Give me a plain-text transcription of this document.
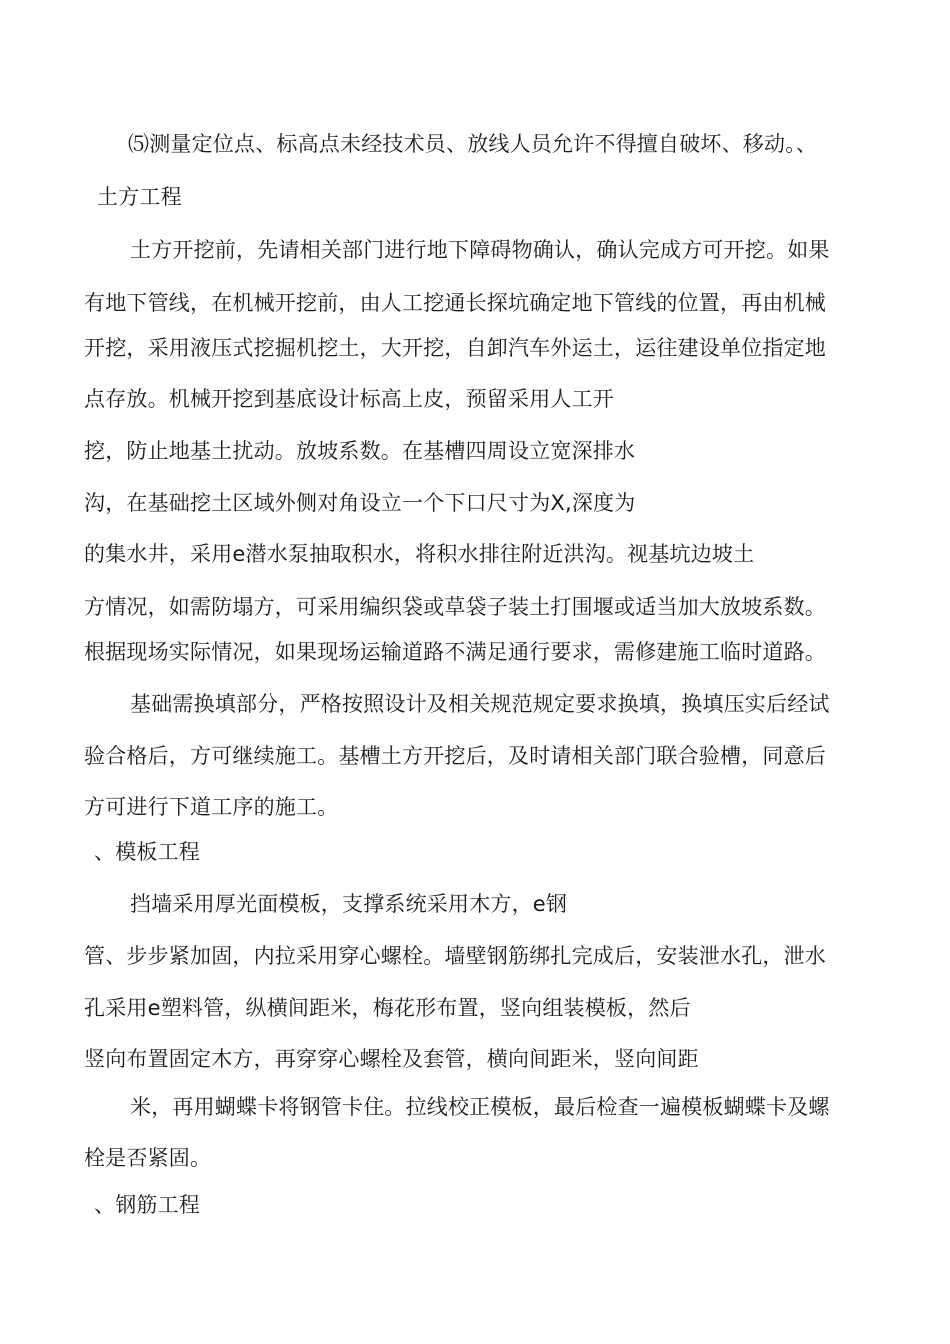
⑸测量定位点、标高点未经技术员、放线人员允许不得擅自破坏、移动。、
土方工程
土方开挖前，先请相关部门进行地下障碍物确认，确认完成方可开挖。如果
有地下管线，在机械开挖前，由人工挖通长探坑确定地下管线的位置，再由机械
开挖，采用液压式挖掘机挖土，大开挖，自卸汽车外运土，运往建设单位指定地
点存放。机械开挖到基底设计标高上皮，预留采用人工开
挖，防止地基土扰动。放坡系数。在基槽四周设立宽深排水
沟，在基础挖土区域外侧对角设立一个下口尺寸为X,深度为
的集水井，采用e潜水泵抽取积水，将积水排往附近洪沟。视基坑边坡土
方情况，如需防塌方，可采用编织袋或草袋子装土打围堰或适当加大放坡系数。
根据现场实际情况，如果现场运输道路不满足通行要求，需修建施工临时道路。
基础需换填部分，严格按照设计及相关规范规定要求换填，换填压实后经试
验合格后，方可继续施工。基槽土方开挖后，及时请相关部门联合验槽，同意后
方可进行下道工序的施工。
、模板工程
挡墙采用厚光面模板，支撑系统采用木方，e钢
管、步步紧加固，内拉采用穿心螺栓。墙壁钢筋绑扎完成后，安装泄水孔，泄水
孔采用e塑料管，纵横间距米，梅花形布置，竖向组装模板，然后
竖向布置固定木方，再穿穿心螺栓及套管，横向间距米，竖向间距
米，再用蝴蝶卡将钢管卡住。拉线校正模板，最后检查一遍模板蝴蝶卡及螺
栓是否紧固。
、钢筋工程
